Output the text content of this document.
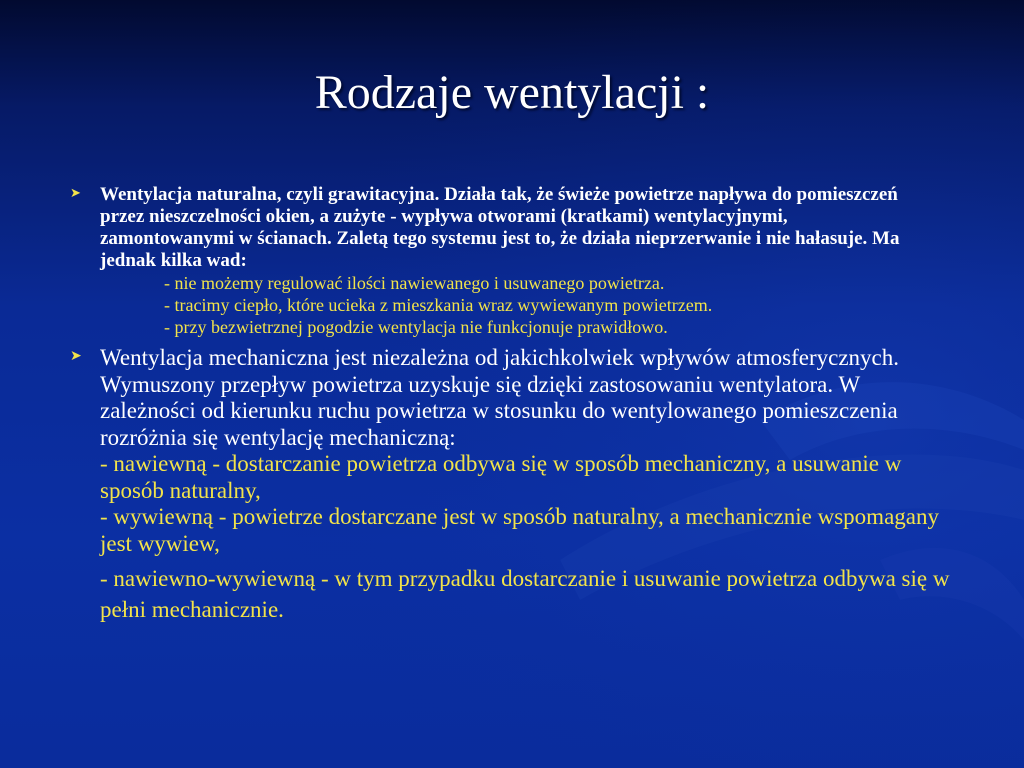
Rodzaje wentylacji :
➤ Wentylacja naturalna, czyli grawitacyjna. Działa tak, że świeże powietrze napływa do pomieszczeń przez nieszczelności okien, a zużyte - wypływa otworami (kratkami) wentylacyjnymi, zamontowanymi w ścianach. Zaletą tego systemu jest to, że działa nieprzerwanie i nie hałasuje. Ma jednak kilka wad:
- nie możemy regulować ilości nawiewanego i usuwanego powietrza.
- tracimy ciepło, które ucieka z mieszkania wraz wywiewanym powietrzem.
- przy bezwietrznej pogodzie wentylacja nie funkcjonuje prawidłowo.
➤ Wentylacja mechaniczna jest niezależna od jakichkolwiek wpływów atmosferycznych. Wymuszony przepływ powietrza uzyskuje się dzięki zastosowaniu wentylatora. W zależności od kierunku ruchu powietrza w stosunku do wentylowanego pomieszczenia rozróżnia się wentylację mechaniczną:
- nawiewną - dostarczanie powietrza odbywa się w sposób mechaniczny, a usuwanie w sposób naturalny,
- wywiewną - powietrze dostarczane jest w sposób naturalny, a mechanicznie wspomagany jest wywiew,
- nawiewno-wywiewną - w tym przypadku dostarczanie i usuwanie powietrza odbywa się w pełni mechanicznie.
